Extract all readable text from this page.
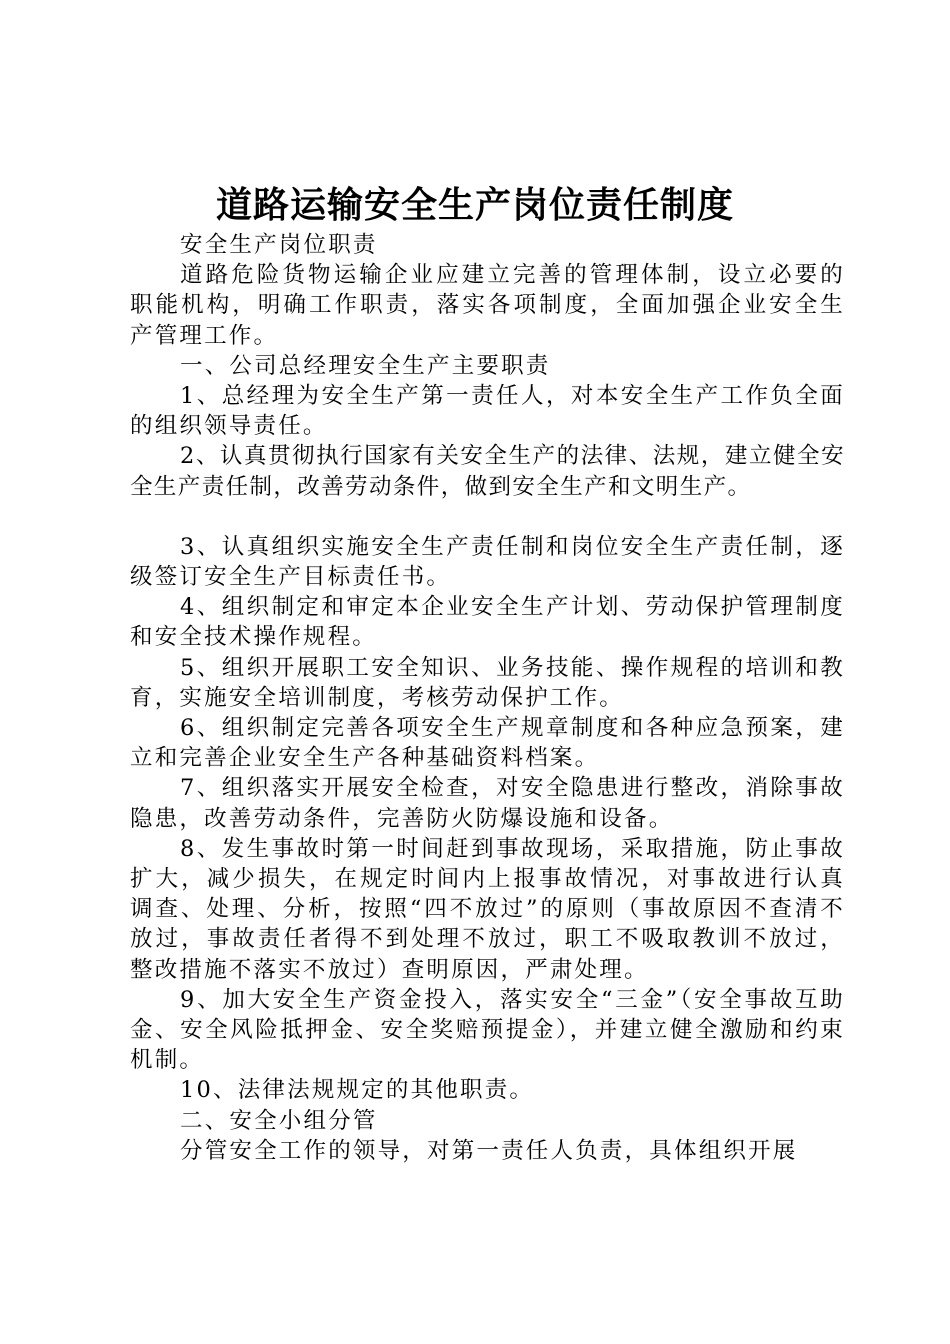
道路运输安全生产岗位责任制度

安全生产岗位职责

道路危险货物运输企业应建立完善的管理体制，设立必要的职能机构，明确工作职责，落实各项制度，全面加强企业安全生产管理工作。

一、公司总经理安全生产主要职责

1、总经理为安全生产第一责任人，对本安全生产工作负全面的组织领导责任。

2、认真贯彻执行国家有关安全生产的法律、法规，建立健全安全生产责任制，改善劳动条件，做到安全生产和文明生产。

3、认真组织实施安全生产责任制和岗位安全生产责任制，逐级签订安全生产目标责任书。

4、组织制定和审定本企业安全生产计划、劳动保护管理制度和安全技术操作规程。

5、组织开展职工安全知识、业务技能、操作规程的培训和教育，实施安全培训制度，考核劳动保护工作。

6、组织制定完善各项安全生产规章制度和各种应急预案，建立和完善企业安全生产各种基础资料档案。

7、组织落实开展安全检查，对安全隐患进行整改，消除事故隐患，改善劳动条件，完善防火防爆设施和设备。

8、发生事故时第一时间赶到事故现场，采取措施，防止事故扩大，减少损失，在规定时间内上报事故情况，对事故进行认真调查、处理、分析，按照“四不放过”的原则（事故原因不查清不放过，事故责任者得不到处理不放过，职工不吸取教训不放过，整改措施不落实不放过）查明原因，严肃处理。

9、加大安全生产资金投入，落实安全“三金”（安全事故互助金、安全风险抵押金、安全奖赔预提金），并建立健全激励和约束机制。

10、法律法规规定的其他职责。

二、安全小组分管

分管安全工作的领导，对第一责任人负责，具体组织开展
